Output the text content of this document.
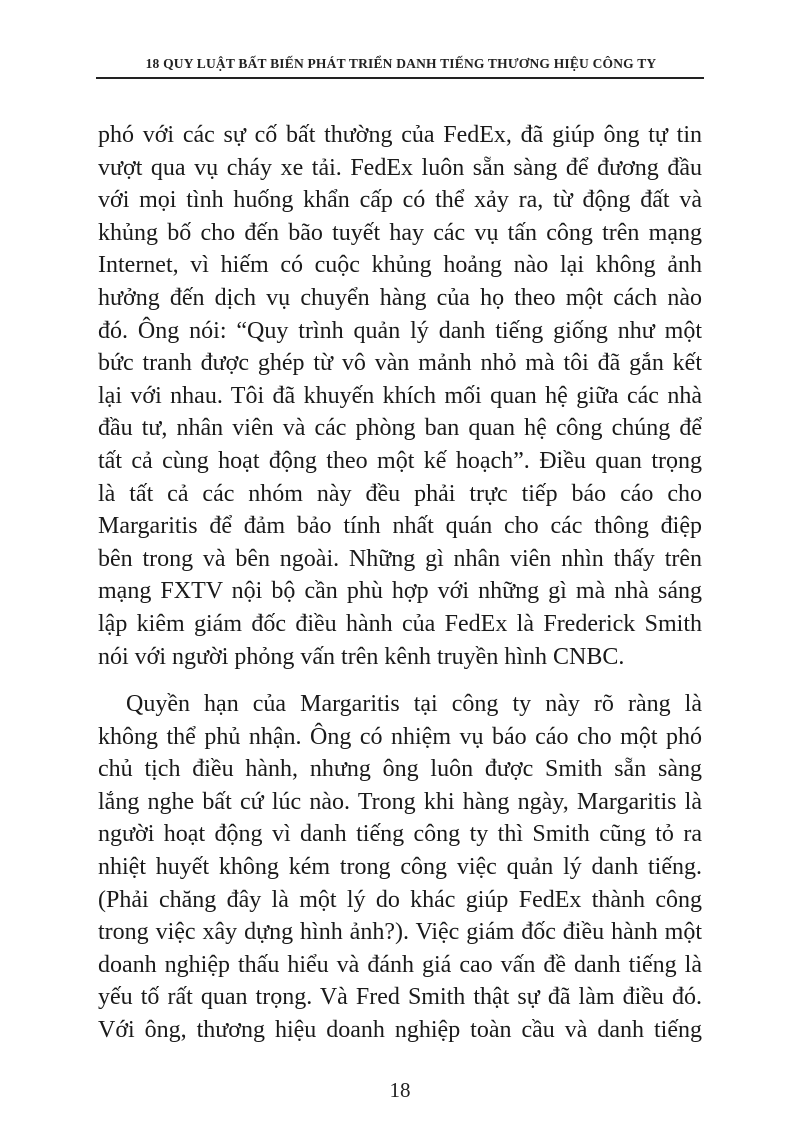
18 QUY LUẬT BẤT BIẾN PHÁT TRIỂN DANH TIẾNG THƯƠNG HIỆU CÔNG TY

phó với các sự cố bất thường của FedEx, đã giúp ông tự tin
vượt qua vụ cháy xe tải. FedEx luôn sẵn sàng để đương đầu
với mọi tình huống khẩn cấp có thể xảy ra, từ động đất và
khủng bố cho đến bão tuyết hay các vụ tấn công trên mạng
Internet, vì hiếm có cuộc khủng hoảng nào lại không ảnh
hưởng đến dịch vụ chuyển hàng của họ theo một cách nào
đó. Ông nói: “Quy trình quản lý danh tiếng giống như một
bức tranh được ghép từ vô vàn mảnh nhỏ mà tôi đã gắn kết
lại với nhau. Tôi đã khuyến khích mối quan hệ giữa các nhà
đầu tư, nhân viên và các phòng ban quan hệ công chúng để
tất cả cùng hoạt động theo một kế hoạch”. Điều quan trọng
là tất cả các nhóm này đều phải trực tiếp báo cáo cho
Margaritis để đảm bảo tính nhất quán cho các thông điệp
bên trong và bên ngoài. Những gì nhân viên nhìn thấy trên
mạng FXTV nội bộ cần phù hợp với những gì mà nhà sáng
lập kiêm giám đốc điều hành của FedEx là Frederick Smith
nói với người phỏng vấn trên kênh truyền hình CNBC.

Quyền hạn của Margaritis tại công ty này rõ ràng là
không thể phủ nhận. Ông có nhiệm vụ báo cáo cho một phó
chủ tịch điều hành, nhưng ông luôn được Smith sẵn sàng
lắng nghe bất cứ lúc nào. Trong khi hàng ngày, Margaritis là
người hoạt động vì danh tiếng công ty thì Smith cũng tỏ ra
nhiệt huyết không kém trong công việc quản lý danh tiếng.
(Phải chăng đây là một lý do khác giúp FedEx thành công
trong việc xây dựng hình ảnh?). Việc giám đốc điều hành một
doanh nghiệp thấu hiểu và đánh giá cao vấn đề danh tiếng là
yếu tố rất quan trọng. Và Fred Smith thật sự đã làm điều đó.
Với ông, thương hiệu doanh nghiệp toàn cầu và danh tiếng

18
